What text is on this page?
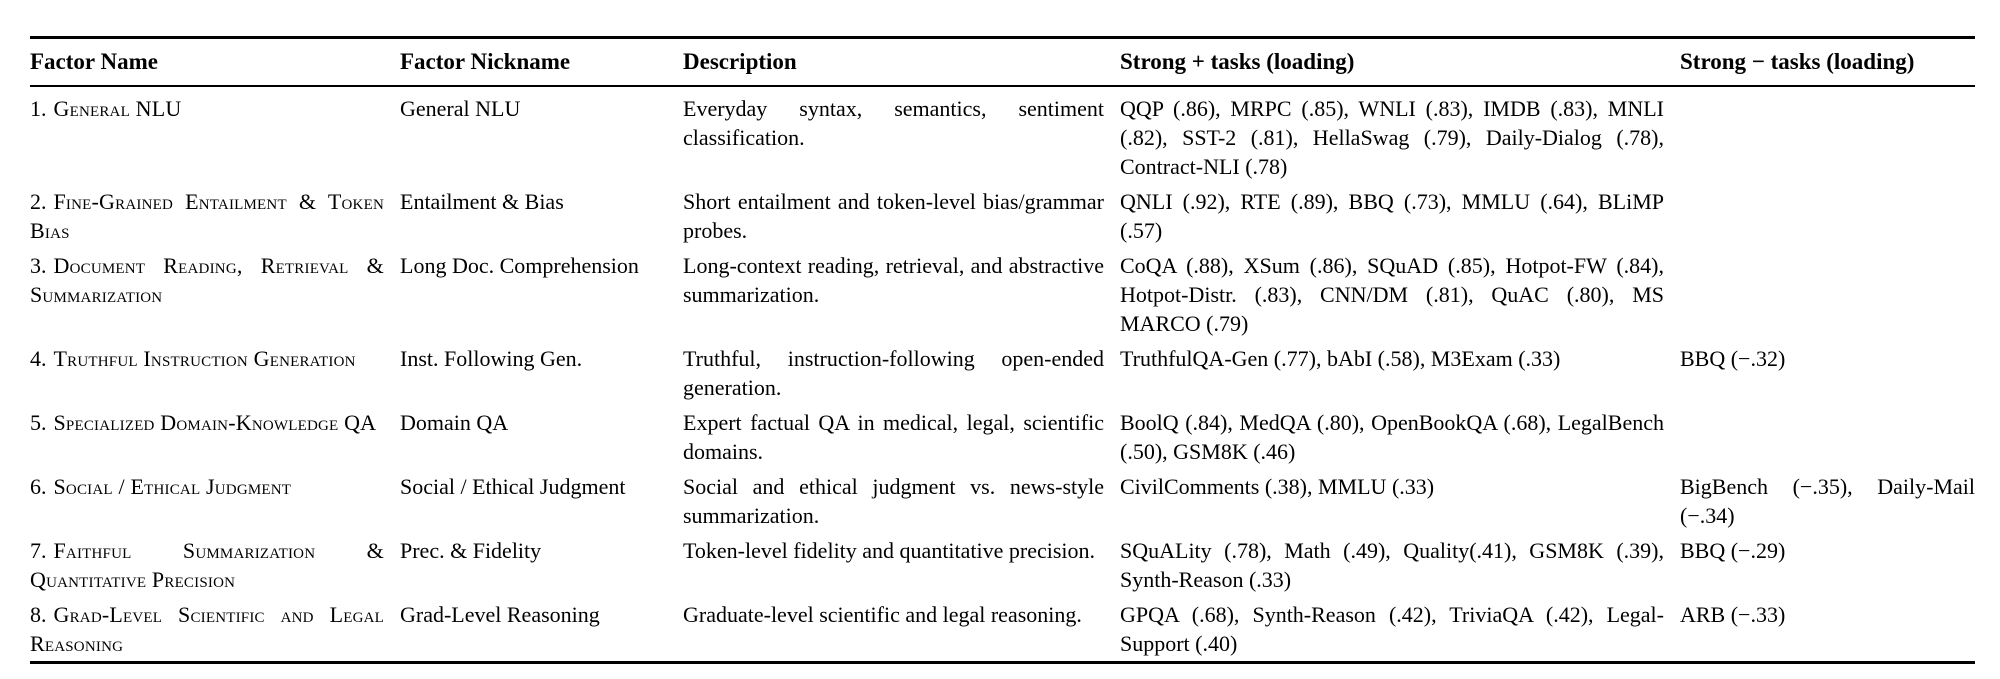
Factor Name	Factor Nickname	Description	Strong + tasks (loading)	Strong − tasks (loading)
1. General NLU	General NLU	Everyday syntax, semantics, sentiment classification.	QQP (.86), MRPC (.85), WNLI (.83), IMDB (.83), MNLI (.82), SST-2 (.81), HellaSwag (.79), Daily-Dialog (.78), Contract-NLI (.78)	
2. Fine-Grained Entailment & Token Bias	Entailment & Bias	Short entailment and token-level bias/grammar probes.	QNLI (.92), RTE (.89), BBQ (.73), MMLU (.64), BLiMP (.57)	
3. Document Reading, Retrieval & Summarization	Long Doc. Comprehension	Long-context reading, retrieval, and abstractive summarization.	CoQA (.88), XSum (.86), SQuAD (.85), Hotpot-FW (.84), Hotpot-Distr. (.83), CNN/DM (.81), QuAC (.80), MS MARCO (.79)	
4. Truthful Instruction Generation	Inst. Following Gen.	Truthful, instruction-following open-ended generation.	TruthfulQA-Gen (.77), bAbI (.58), M3Exam (.33)	BBQ (−.32)
5. Specialized Domain-Knowledge QA	Domain QA	Expert factual QA in medical, legal, scientific domains.	BoolQ (.84), MedQA (.80), OpenBookQA (.68), LegalBench (.50), GSM8K (.46)	
6. Social / Ethical Judgment	Social / Ethical Judgment	Social and ethical judgment vs. news-style summarization.	CivilComments (.38), MMLU (.33)	BigBench (−.35), Daily-Mail (−.34)
7. Faithful Summarization & Quantitative Precision	Prec. & Fidelity	Token-level fidelity and quantitative precision.	SQuALity (.78), Math (.49), Quality(.41), GSM8K (.39), Synth-Reason (.33)	BBQ (−.29)
8. Grad-Level Scientific and Legal Reasoning	Grad-Level Reasoning	Graduate-level scientific and legal reasoning.	GPQA (.68), Synth-Reason (.42), TriviaQA (.42), Legal-Support (.40)	ARB (−.33)
